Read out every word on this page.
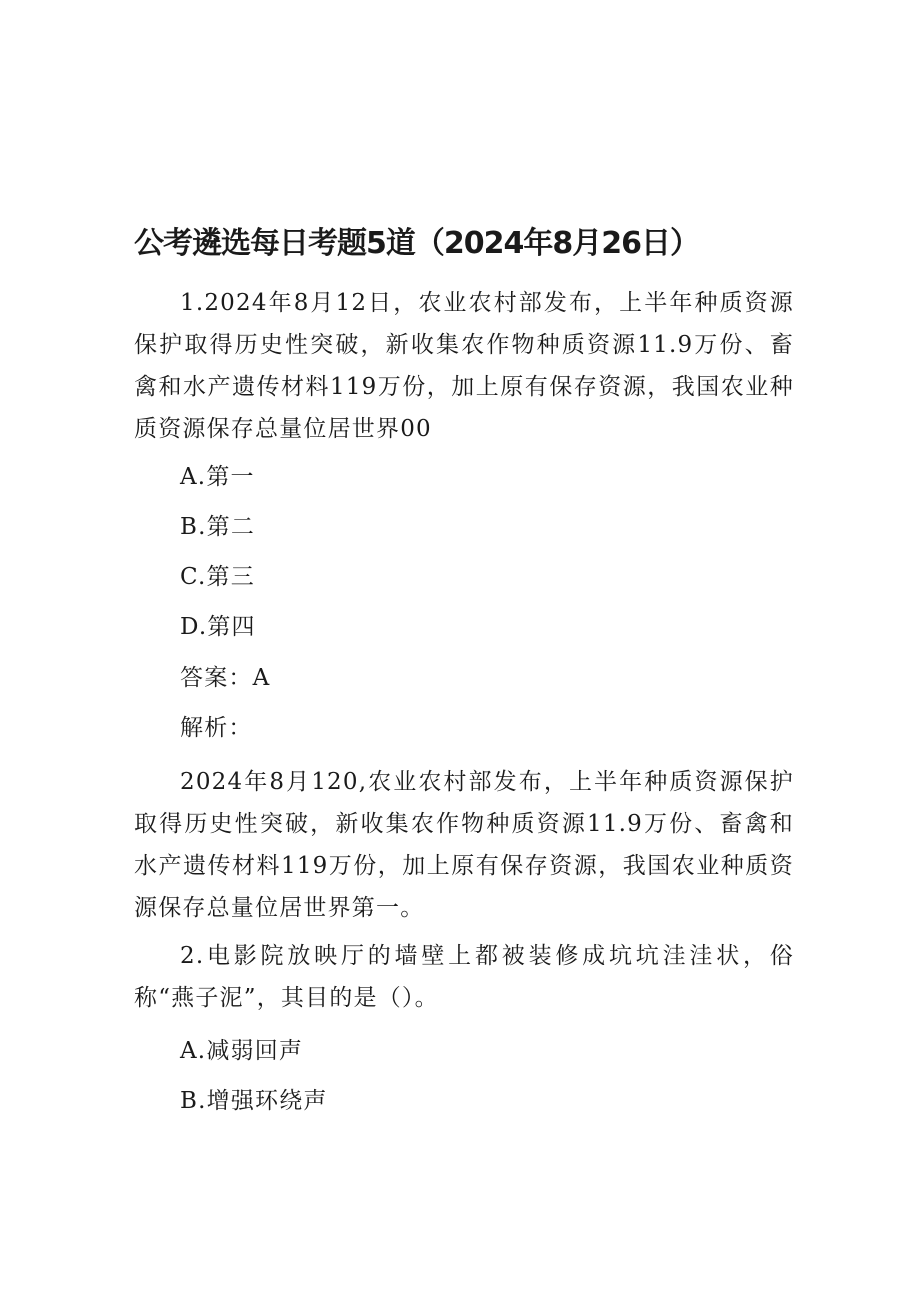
公考遴选每日考题5道（2024年8月26日）

1.2024年8月12日，农业农村部发布，上半年种质资源保护取得历史性突破，新收集农作物种质资源11.9万份、畜禽和水产遗传材料119万份，加上原有保存资源，我国农业种质资源保存总量位居世界00

A.第一

B.第二

C.第三

D.第四

答案：A

解析：

2024年8月120,农业农村部发布，上半年种质资源保护取得历史性突破，新收集农作物种质资源11.9万份、畜禽和水产遗传材料119万份，加上原有保存资源，我国农业种质资源保存总量位居世界第一。

2.电影院放映厅的墙壁上都被装修成坑坑洼洼状，俗称“燕子泥”，其目的是（）。

A.减弱回声

B.增强环绕声
